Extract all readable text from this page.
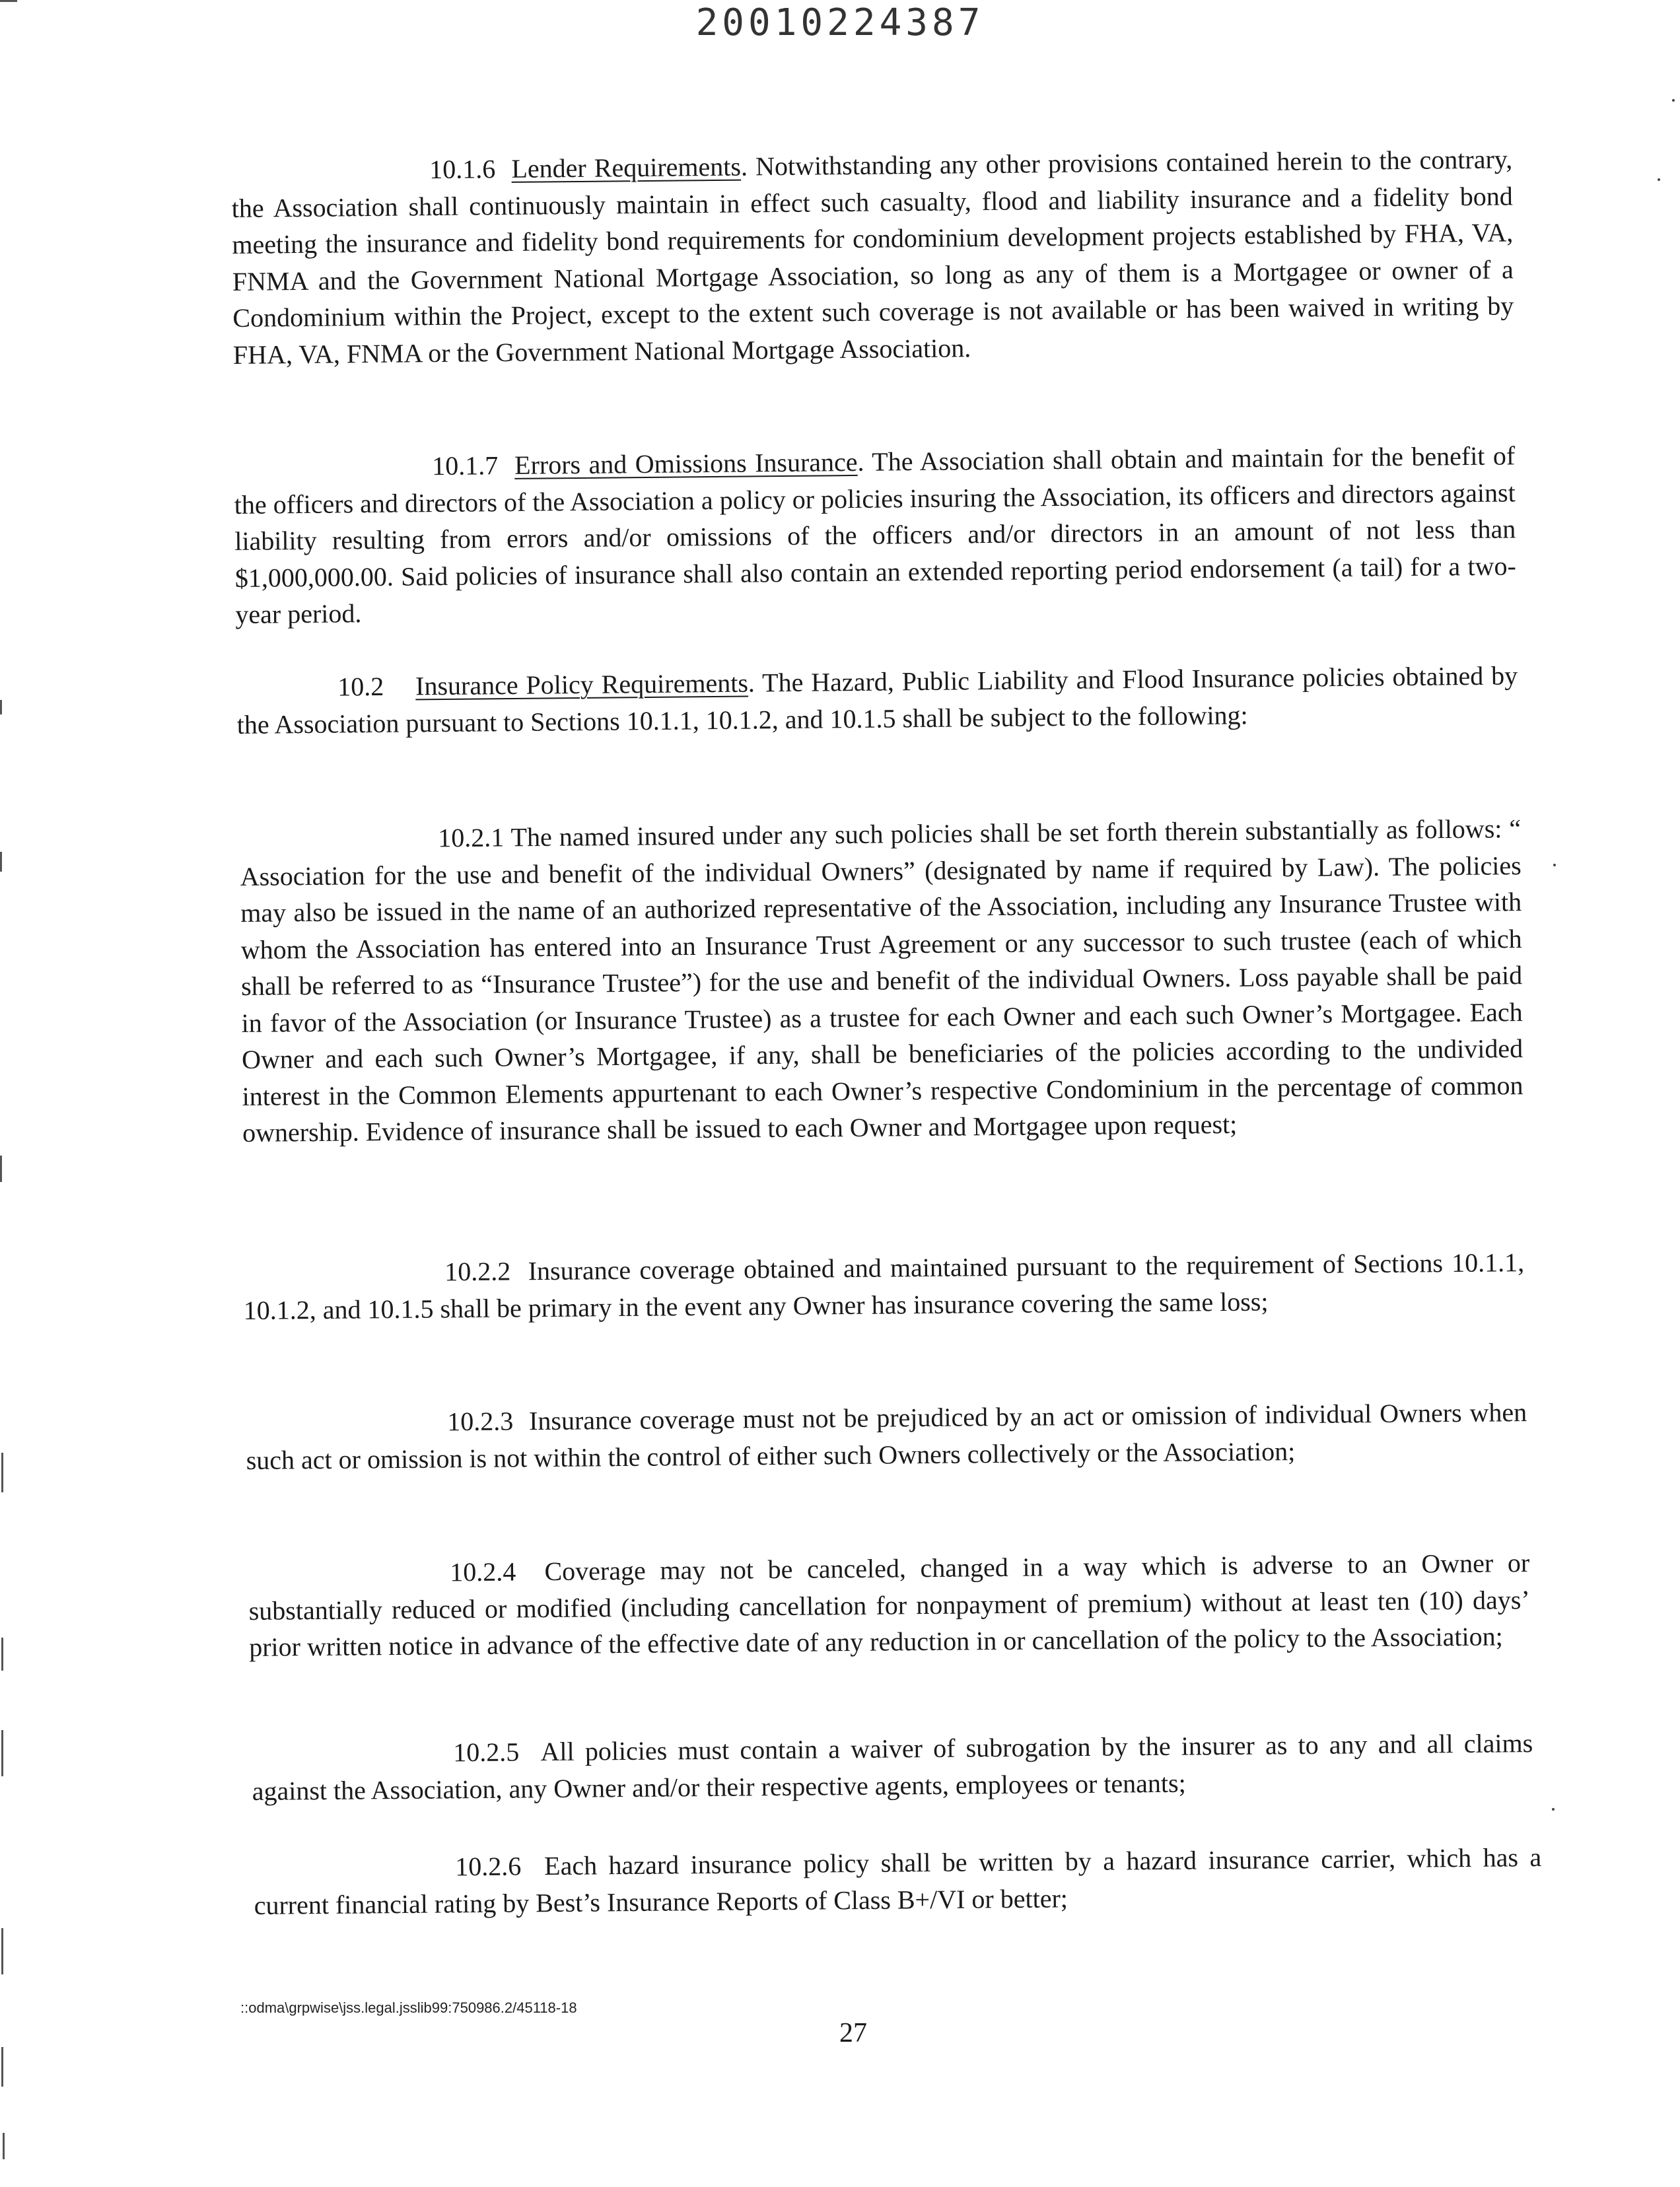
20010224387
10.1.6 Lender Requirements. Notwithstanding any other provisions contained herein to the contrary, the Association shall continuously maintain in effect such casualty, flood and liability insurance and a fidelity bond meeting the insurance and fidelity bond requirements for condominium development projects established by FHA, VA, FNMA and the Government National Mortgage Association, so long as any of them is a Mortgagee or owner of a Condominium within the Project, except to the extent such coverage is not available or has been waived in writing by FHA, VA, FNMA or the Government National Mortgage Association.
10.1.7 Errors and Omissions Insurance. The Association shall obtain and maintain for the benefit of the officers and directors of the Association a policy or policies insuring the Association, its officers and directors against liability resulting from errors and/or omissions of the officers and/or directors in an amount of not less than $1,000,000.00. Said policies of insurance shall also contain an extended reporting period endorsement (a tail) for a two-year period.
10.2 Insurance Policy Requirements. The Hazard, Public Liability and Flood Insurance policies obtained by the Association pursuant to Sections 10.1.1, 10.1.2, and 10.1.5 shall be subject to the following:
10.2.1 The named insured under any such policies shall be set forth therein substantially as follows: “ Association for the use and benefit of the individual Owners” (designated by name if required by Law). The policies may also be issued in the name of an authorized representative of the Association, including any Insurance Trustee with whom the Association has entered into an Insurance Trust Agreement or any successor to such trustee (each of which shall be referred to as “Insurance Trustee”) for the use and benefit of the individual Owners. Loss payable shall be paid in favor of the Association (or Insurance Trustee) as a trustee for each Owner and each such Owner’s Mortgagee. Each Owner and each such Owner’s Mortgagee, if any, shall be beneficiaries of the policies according to the undivided interest in the Common Elements appurtenant to each Owner’s respective Condominium in the percentage of common ownership. Evidence of insurance shall be issued to each Owner and Mortgagee upon request;
10.2.2 Insurance coverage obtained and maintained pursuant to the requirement of Sections 10.1.1, 10.1.2, and 10.1.5 shall be primary in the event any Owner has insurance covering the same loss;
10.2.3 Insurance coverage must not be prejudiced by an act or omission of individual Owners when such act or omission is not within the control of either such Owners collectively or the Association;
10.2.4 Coverage may not be canceled, changed in a way which is adverse to an Owner or substantially reduced or modified (including cancellation for nonpayment of premium) without at least ten (10) days’ prior written notice in advance of the effective date of any reduction in or cancellation of the policy to the Association;
10.2.5 All policies must contain a waiver of subrogation by the insurer as to any and all claims against the Association, any Owner and/or their respective agents, employees or tenants;
10.2.6 Each hazard insurance policy shall be written by a hazard insurance carrier, which has a current financial rating by Best’s Insurance Reports of Class B+/VI or better;
::odma\grpwise\jss.legal.jsslib99:750986.2/45118-18
27
